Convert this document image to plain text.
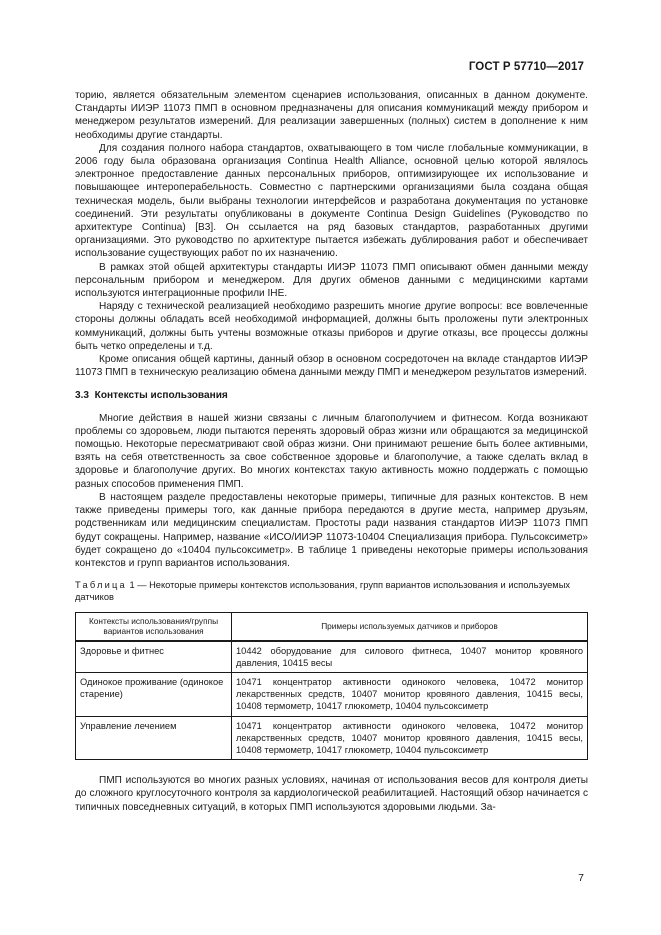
ГОСТ Р 57710—2017

торию, является обязательным элементом сценариев использования, описанных в данном документе. Стандарты ИИЭР 11073 ПМП в основном предназначены для описания коммуникаций между прибором и менеджером результатов измерений. Для реализации завершенных (полных) систем в дополнение к ним необходимы другие стандарты.

Для создания полного набора стандартов, охватывающего в том числе глобальные коммуникации, в 2006 году была образована организация Continua Health Alliance, основной целью которой являлось электронное предоставление данных персональных приборов, оптимизирующее их использование и повышающее интероперабельность. Совместно с партнерскими организациями была создана общая техническая модель, были выбраны технологии интерфейсов и разработана документация по установке соединений. Эти результаты опубликованы в документе Continua Design Guidelines (Руководство по архитектуре Continua) [В3]. Он ссылается на ряд базовых стандартов, разработанных другими организациями. Это руководство по архитектуре пытается избежать дублирования работ и обеспечивает использование существующих работ по их назначению.

В рамках этой общей архитектуры стандарты ИИЭР 11073 ПМП описывают обмен данными между персональным прибором и менеджером. Для других обменов данными с медицинскими картами используются интеграционные профили IHE.

Наряду с технической реализацией необходимо разрешить многие другие вопросы: все вовлеченные стороны должны обладать всей необходимой информацией, должны быть проложены пути электронных коммуникаций, должны быть учтены возможные отказы приборов и другие отказы, все процессы должны быть четко определены и т.д.

Кроме описания общей картины, данный обзор в основном сосредоточен на вкладе стандартов ИИЭР 11073 ПМП в техническую реализацию обмена данными между ПМП и менеджером результатов измерений.

3.3 Контексты использования

Многие действия в нашей жизни связаны с личным благополучием и фитнесом. Когда возникают проблемы со здоровьем, люди пытаются перенять здоровый образ жизни или обращаются за медицинской помощью. Некоторые пересматривают свой образ жизни. Они принимают решение быть более активными, взять на себя ответственность за свое собственное здоровье и благополучие, а также сделать вклад в здоровье и благополучие других. Во многих контекстах такую активность можно поддержать с помощью разных способов применения ПМП.

В настоящем разделе предоставлены некоторые примеры, типичные для разных контекстов. В нем также приведены примеры того, как данные прибора передаются в другие места, например друзьям, родственникам или медицинским специалистам. Простоты ради названия стандартов ИИЭР 11073 ПМП будут сокращены. Например, название «ИСО/ИИЭР 11073-10404 Специализация прибора. Пульсоксиметр» будет сокращено до «10404 пульсоксиметр». В таблице 1 приведены некоторые примеры использования контекстов и групп вариантов использования.

Таблица 1 — Некоторые примеры контекстов использования, групп вариантов использования и используемых датчиков
Контексты использования/группы вариантов использования	Примеры используемых датчиков и приборов
Здоровье и фитнес	10442 оборудование для силового фитнеса, 10407 монитор кровяного давления, 10415 весы
Одинокое проживание (одинокое старение)	10471 концентратор активности одинокого человека, 10472 монитор лекарственных средств, 10407 монитор кровяного давления, 10415 весы, 10408 термометр, 10417 глюкометр, 10404 пульсоксиметр
Управление лечением	10471 концентратор активности одинокого человека, 10472 монитор лекарственных средств, 10407 монитор кровяного давления, 10415 весы, 10408 термометр, 10417 глюкометр, 10404 пульсоксиметр

ПМП используются во многих разных условиях, начиная от использования весов для контроля диеты до сложного круглосуточного контроля за кардиологической реабилитацией. Настоящий обзор начинается с типичных повседневных ситуаций, в которых ПМП используются здоровыми людьми. За-

7
